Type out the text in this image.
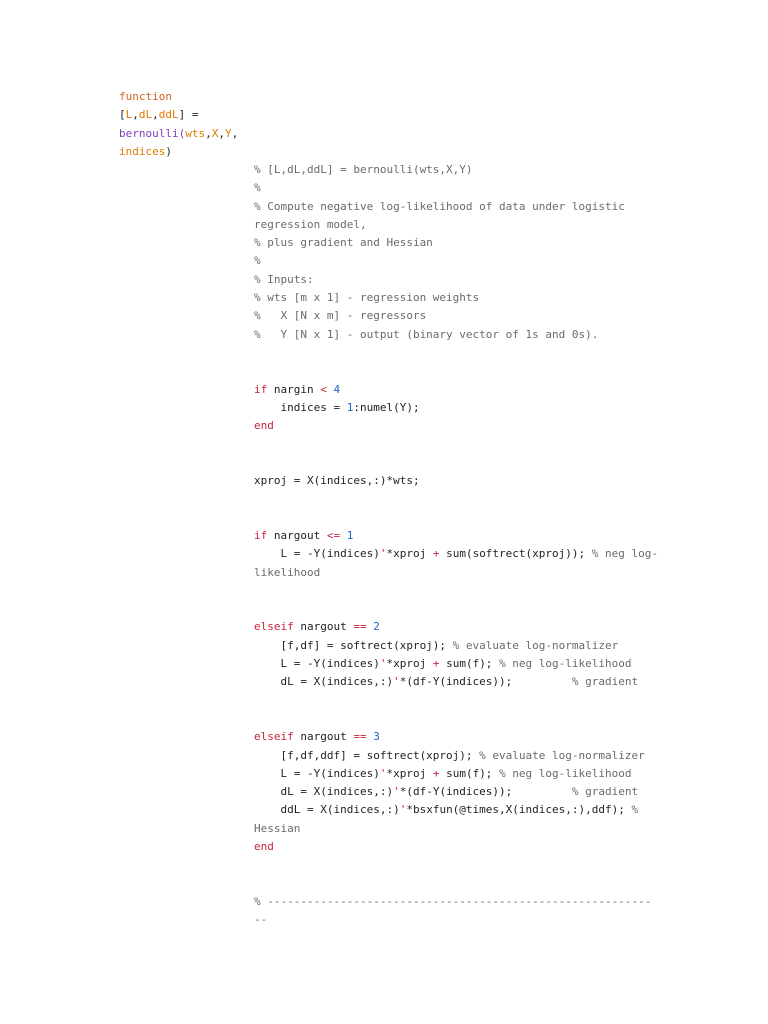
function
[L,dL,ddL] =
bernoulli(wts,X,Y,
indices)
% [L,dL,ddL] = bernoulli(wts,X,Y)
%
% Compute negative log-likelihood of data under logistic
regression model,
% plus gradient and Hessian
%
% Inputs:
% wts [m x 1] - regression weights
%   X [N x m] - regressors
%   Y [N x 1] - output (binary vector of 1s and 0s).
if nargin < 4
indices = 1:numel(Y);
end
xproj = X(indices,:)*wts;
if nargout <= 1
L = -Y(indices)'*xproj + sum(softrect(xproj)); % neg log-
likelihood
elseif nargout == 2
[f,df] = softrect(xproj); % evaluate log-normalizer
L = -Y(indices)'*xproj + sum(f); % neg log-likelihood
dL = X(indices,:)'*(df-Y(indices));         % gradient
elseif nargout == 3
[f,df,ddf] = softrect(xproj); % evaluate log-normalizer
L = -Y(indices)'*xproj + sum(f); % neg log-likelihood
dL = X(indices,:)'*(df-Y(indices));         % gradient
ddL = X(indices,:)'*bsxfun(@times,X(indices,:),ddf); %
Hessian
end
% ----------------------------------------------------------
--
